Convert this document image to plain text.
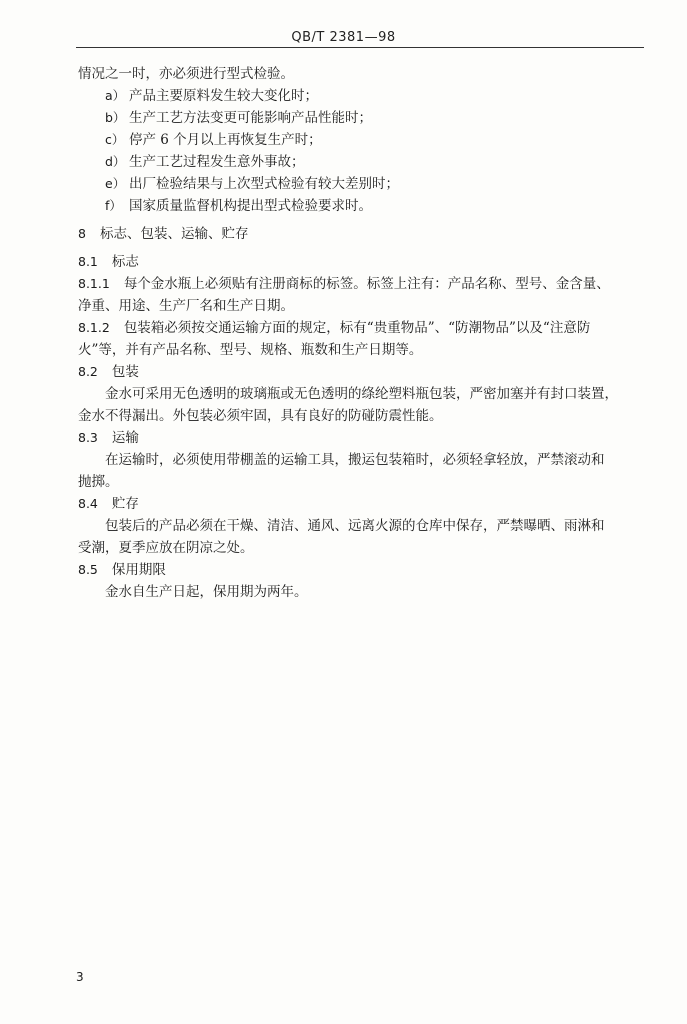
QB/T 2381—98
情况之一时，亦必须进行型式检验。
a） 产品主要原料发生较大变化时；
b） 生产工艺方法变更可能影响产品性能时；
c） 停产 6 个月以上再恢复生产时；
d） 生产工艺过程发生意外事故；
e） 出厂检验结果与上次型式检验有较大差别时；
f） 国家质量监督机构提出型式检验要求时。
8 标志、包装、运输、贮存
8.1 标志
8.1.1 每个金水瓶上必须贴有注册商标的标签。标签上注有：产品名称、型号、金含量、
净重、用途、生产厂名和生产日期。
8.1.2 包装箱必须按交通运输方面的规定，标有“贵重物品”、“防潮物品”以及“注意防
火”等，并有产品名称、型号、规格、瓶数和生产日期等。
8.2 包装
金水可采用无色透明的玻璃瓶或无色透明的绦纶塑料瓶包装，严密加塞并有封口装置，
金水不得漏出。外包装必须牢固，具有良好的防碰防震性能。
8.3 运输
在运输时，必须使用带棚盖的运输工具，搬运包装箱时，必须轻拿轻放，严禁滚动和
抛掷。
8.4 贮存
包装后的产品必须在干燥、清洁、通风、远离火源的仓库中保存，严禁曝晒、雨淋和
受潮，夏季应放在阴凉之处。
8.5 保用期限
金水自生产日起，保用期为两年。
3
